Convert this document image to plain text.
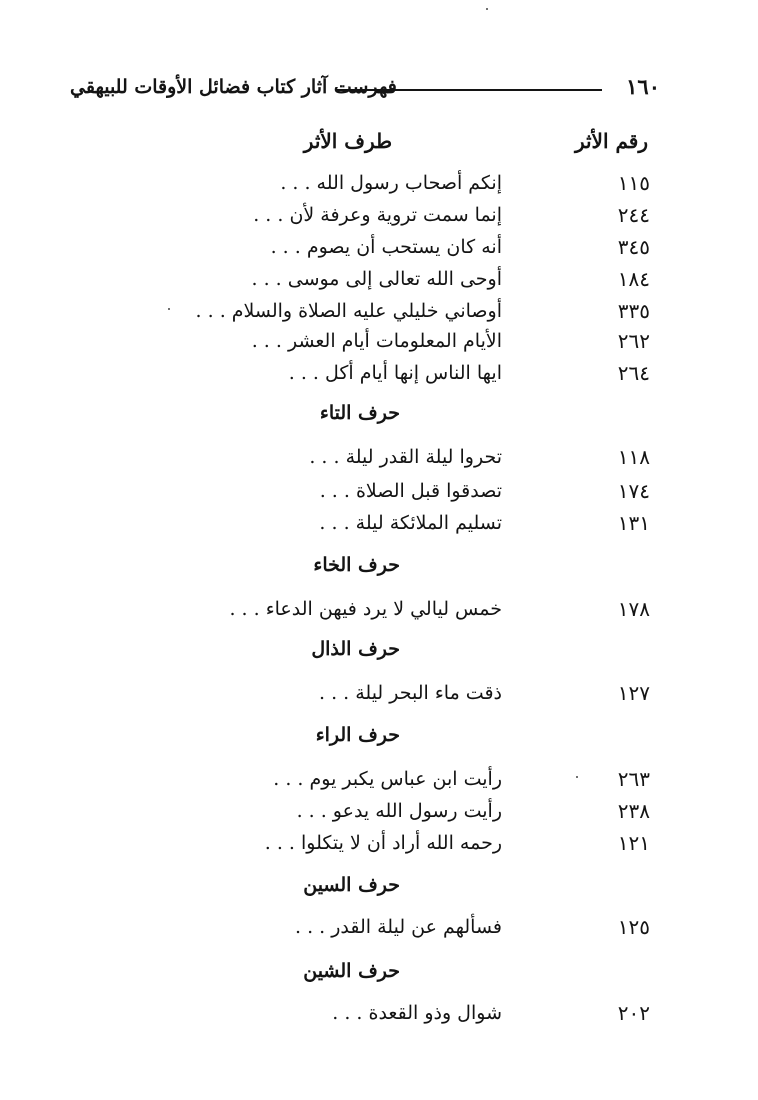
١٦٠
فهرست آثار كتاب فضائل الأوقات للبيهقي
رقم الأثر
طرف الأثر
١١٥
إنكم أصحاب رسول الله . . .
٢٤٤
إنما سمت تروية وعرفة لأن . . .
٣٤٥
أنه كان يستحب أن يصوم . . .
١٨٤
أوحى الله تعالى إلى موسى . . .
٣٣٥
أوصاني خليلي عليه الصلاة والسلام . . .
٢٦٢
الأيام المعلومات أيام العشر . . .
٢٦٤
ايها الناس إنها أيام أكل . . .
حرف التاء
١١٨
تحروا ليلة القدر ليلة . . .
١٧٤
تصدقوا قبل الصلاة . . .
١٣١
تسليم الملائكة ليلة . . .
حرف الخاء
١٧٨
خمس ليالي لا يرد فيهن الدعاء . . .
حرف الذال
١٢٧
ذقت ماء البحر ليلة . . .
حرف الراء
٢٦٣
رأيت ابن عباس يكبر يوم . . .
٢٣٨
رأيت رسول الله يدعو . . .
١٢١
رحمه الله أراد أن لا يتكلوا . . .
حرف السين
١٢٥
فسألهم عن ليلة القدر . . .
حرف الشين
٢٠٢
شوال وذو القعدة . . .
